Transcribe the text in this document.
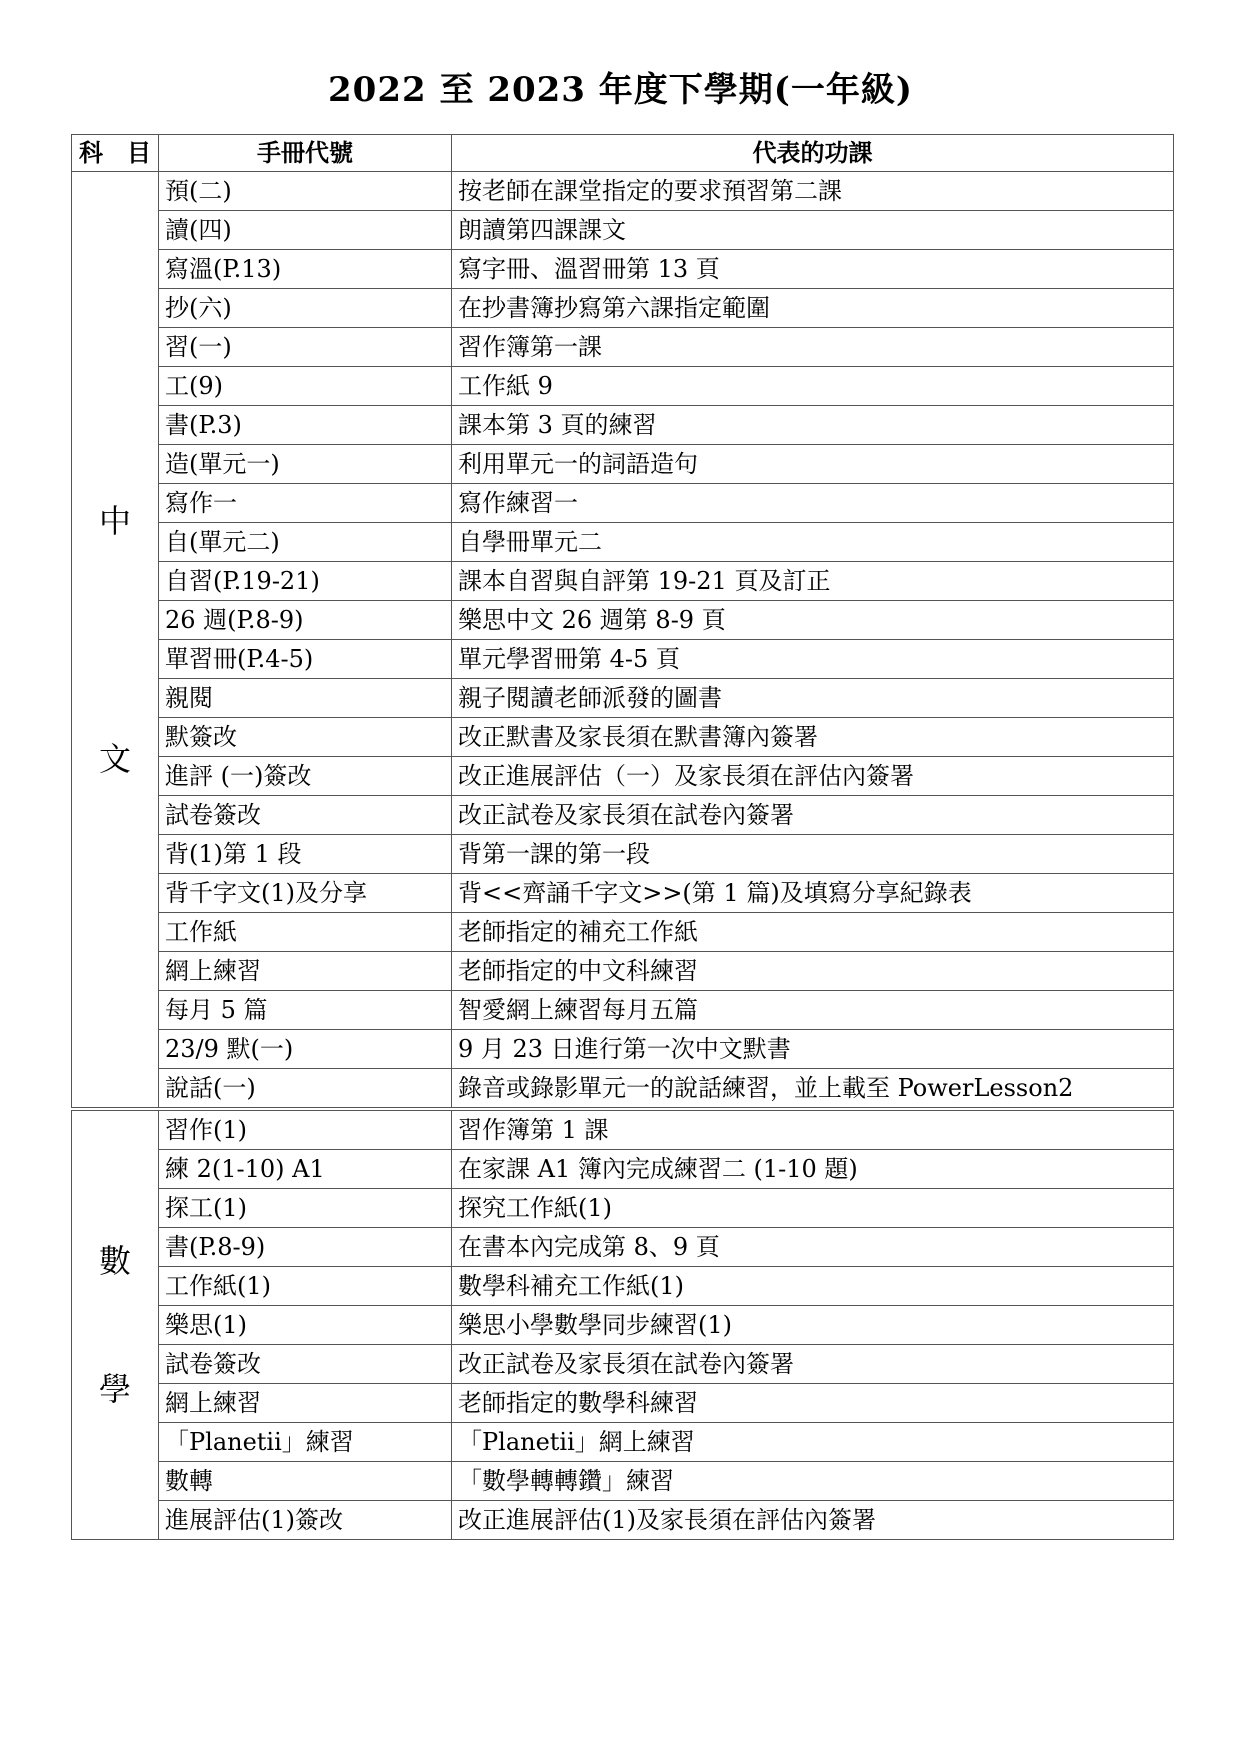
2022 至 2023 年度下學期(一年級)
科　目	手冊代號	代表的功課

中
文	預(二)	按老師在課堂指定的要求預習第二課
	讀(四)	朗讀第四課課文
	寫溫(P.13)	寫字冊、溫習冊第 13 頁
	抄(六)	在抄書簿抄寫第六課指定範圍
	習(一)	習作簿第一課
	工(9)	工作紙 9
	書(P.3)	課本第 3 頁的練習
	造(單元一)	利用單元一的詞語造句
	寫作一	寫作練習一
	自(單元二)	自學冊單元二
	自習(P.19-21)	課本自習與自評第 19-21 頁及訂正
	26 週(P.8-9)	樂思中文 26 週第 8-9 頁
	單習冊(P.4-5)	單元學習冊第 4-5 頁
	親閱	親子閱讀老師派發的圖書
	默簽改	改正默書及家長須在默書簿內簽署
	進評 (一)簽改	改正進展評估（一）及家長須在評估內簽署
	試卷簽改	改正試卷及家長須在試卷內簽署
	背(1)第 1 段	背第一課的第一段
	背千字文(1)及分享	背<<齊誦千字文>>(第 1 篇)及填寫分享紀錄表
	工作紙	老師指定的補充工作紙
	網上練習	老師指定的中文科練習
	每月 5 篇	智愛網上練習每月五篇
	23/9 默(一)	9 月 23 日進行第一次中文默書
	說話(一)	錄音或錄影單元一的說話練習，並上載至 PowerLesson2

數
學	習作(1)	習作簿第 1 課
	練 2(1-10) A1	在家課 A1 簿內完成練習二 (1-10 題)
	探工(1)	探究工作紙(1)
	書(P.8-9)	在書本內完成第 8、9 頁
	工作紙(1)	數學科補充工作紙(1)
	樂思(1)	樂思小學數學同步練習(1)
	試卷簽改	改正試卷及家長須在試卷內簽署
	網上練習	老師指定的數學科練習
	「Planetii」練習	「Planetii」網上練習
	數轉	「數學轉轉鑽」練習
	進展評估(1)簽改	改正進展評估(1)及家長須在評估內簽署
